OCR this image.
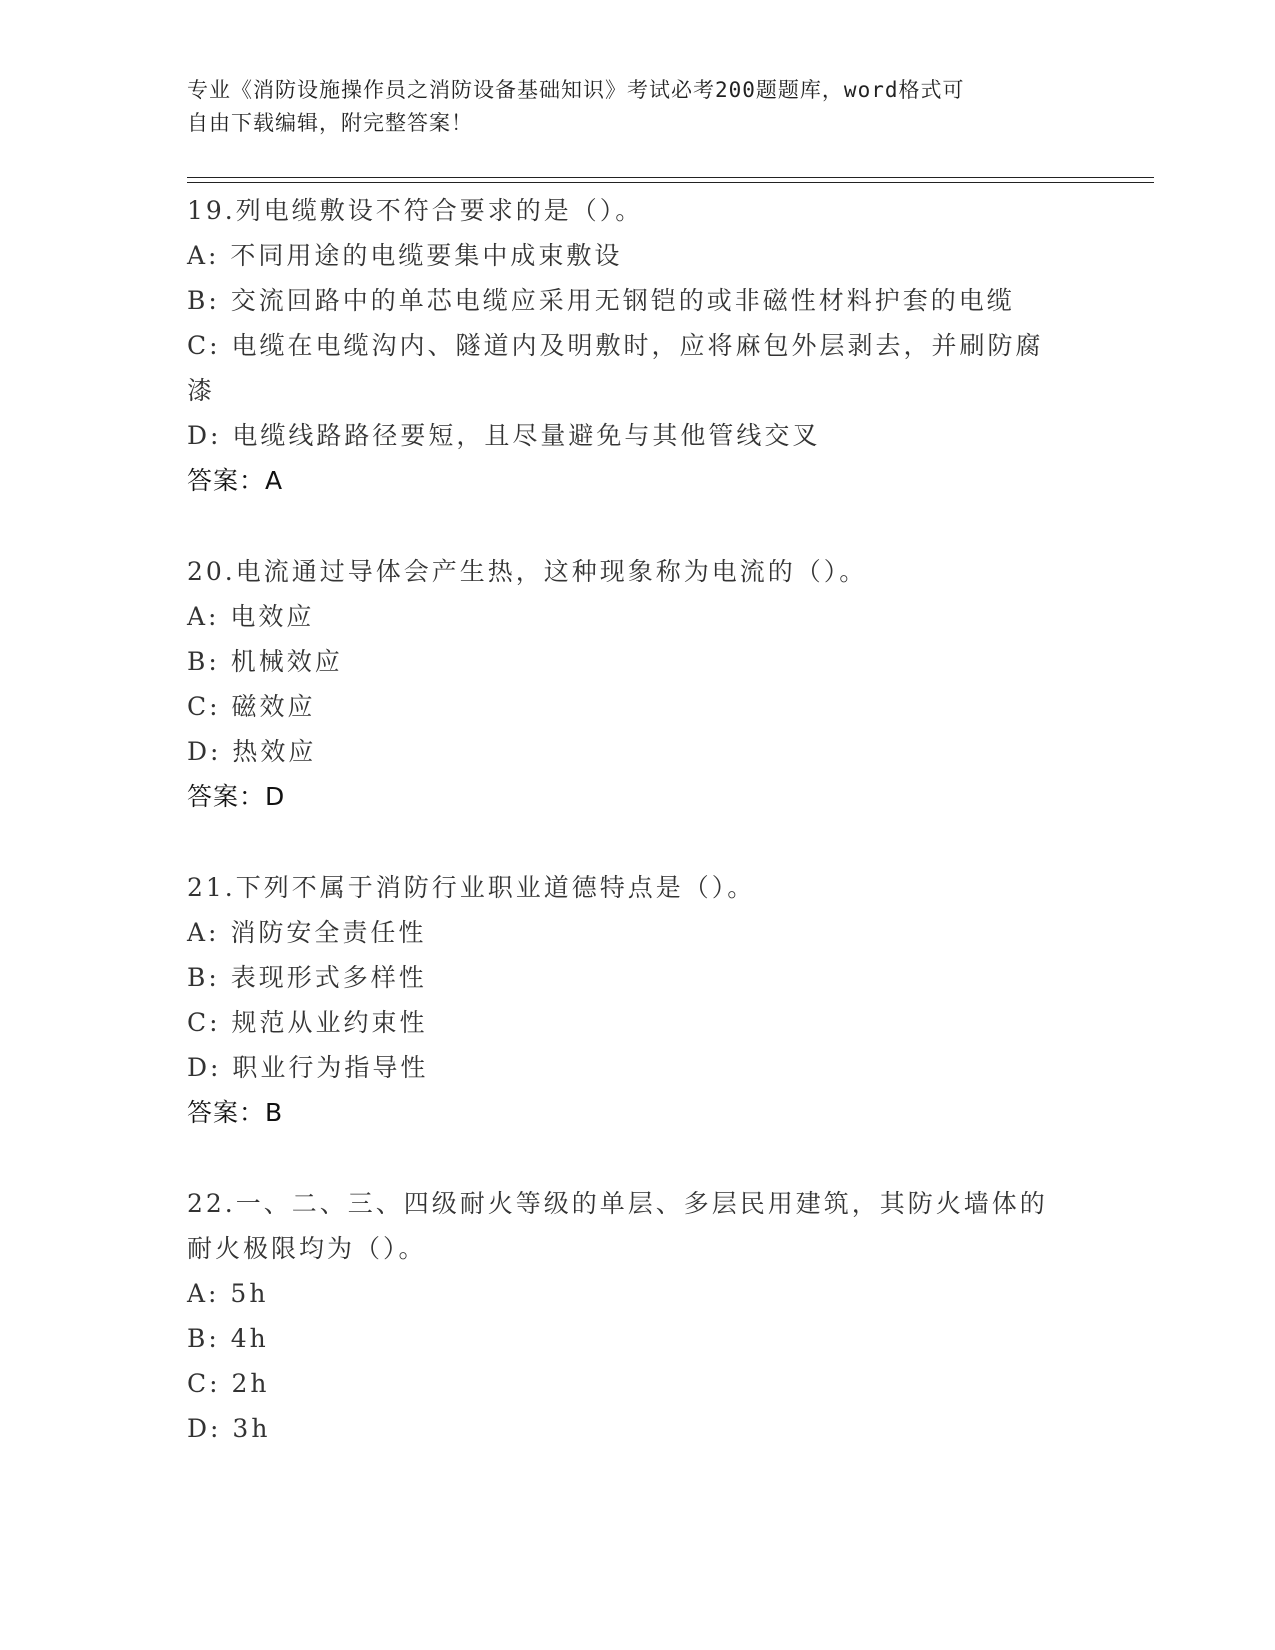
专业《消防设施操作员之消防设备基础知识》考试必考200题题库，word格式可
自由下载编辑，附完整答案！
19.列电缆敷设不符合要求的是（）。
A: 不同用途的电缆要集中成束敷设
B: 交流回路中的单芯电缆应采用无钢铠的或非磁性材料护套的电缆
C: 电缆在电缆沟内、隧道内及明敷时，应将麻包外层剥去，并刷防腐
漆
D: 电缆线路路径要短，且尽量避免与其他管线交叉
答案：A
20.电流通过导体会产生热，这种现象称为电流的（）。
A: 电效应
B: 机械效应
C: 磁效应
D: 热效应
答案：D
21.下列不属于消防行业职业道德特点是（）。
A: 消防安全责任性
B: 表现形式多样性
C: 规范从业约束性
D: 职业行为指导性
答案：B
22.一、二、三、四级耐火等级的单层、多层民用建筑，其防火墙体的
耐火极限均为（）。
A: 5h
B: 4h
C: 2h
D: 3h
